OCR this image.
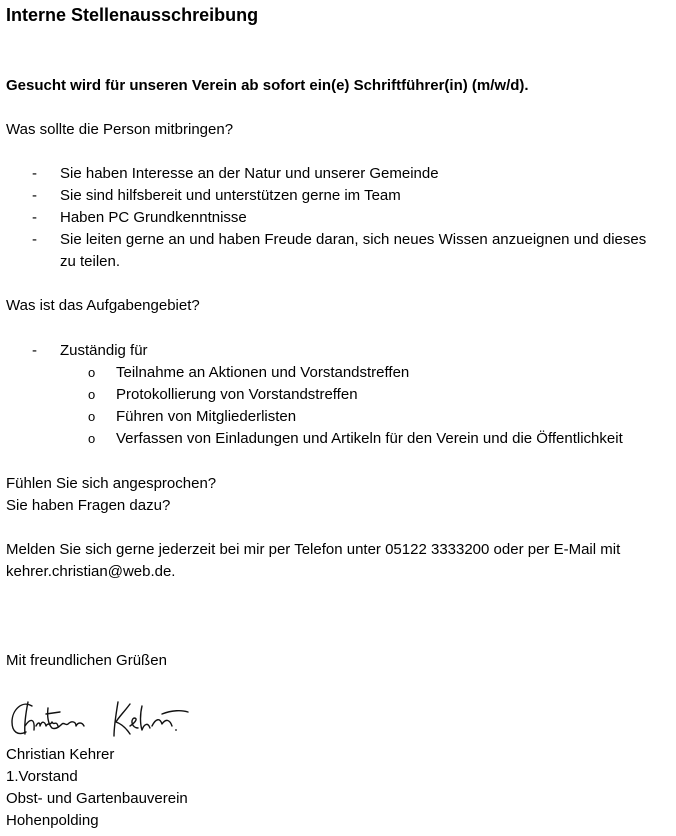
Interne Stellenausschreibung
Gesucht wird für unseren Verein ab sofort ein(e) Schriftführer(in) (m/w/d).
Was sollte die Person mitbringen?
- Sie haben Interesse an der Natur und unserer Gemeinde
- Sie sind hilfsbereit und unterstützen gerne im Team
- Haben PC Grundkenntnisse
- Sie leiten gerne an und haben Freude daran, sich neues Wissen anzueignen und dieses zu teilen.
Was ist das Aufgabengebiet?
- Zuständig für
o Teilnahme an Aktionen und Vorstandstreffen
o Protokollierung von Vorstandstreffen
o Führen von Mitgliederlisten
o Verfassen von Einladungen und Artikeln für den Verein und die Öffentlichkeit
Fühlen Sie sich angesprochen?
Sie haben Fragen dazu?
Melden Sie sich gerne jederzeit bei mir per Telefon unter 05122 3333200 oder per E-Mail mit
kehrer.christian@web.de.
Mit freundlichen Grüßen
Christian Kehrer
1.Vorstand
Obst- und Gartenbauverein
Hohenpolding
